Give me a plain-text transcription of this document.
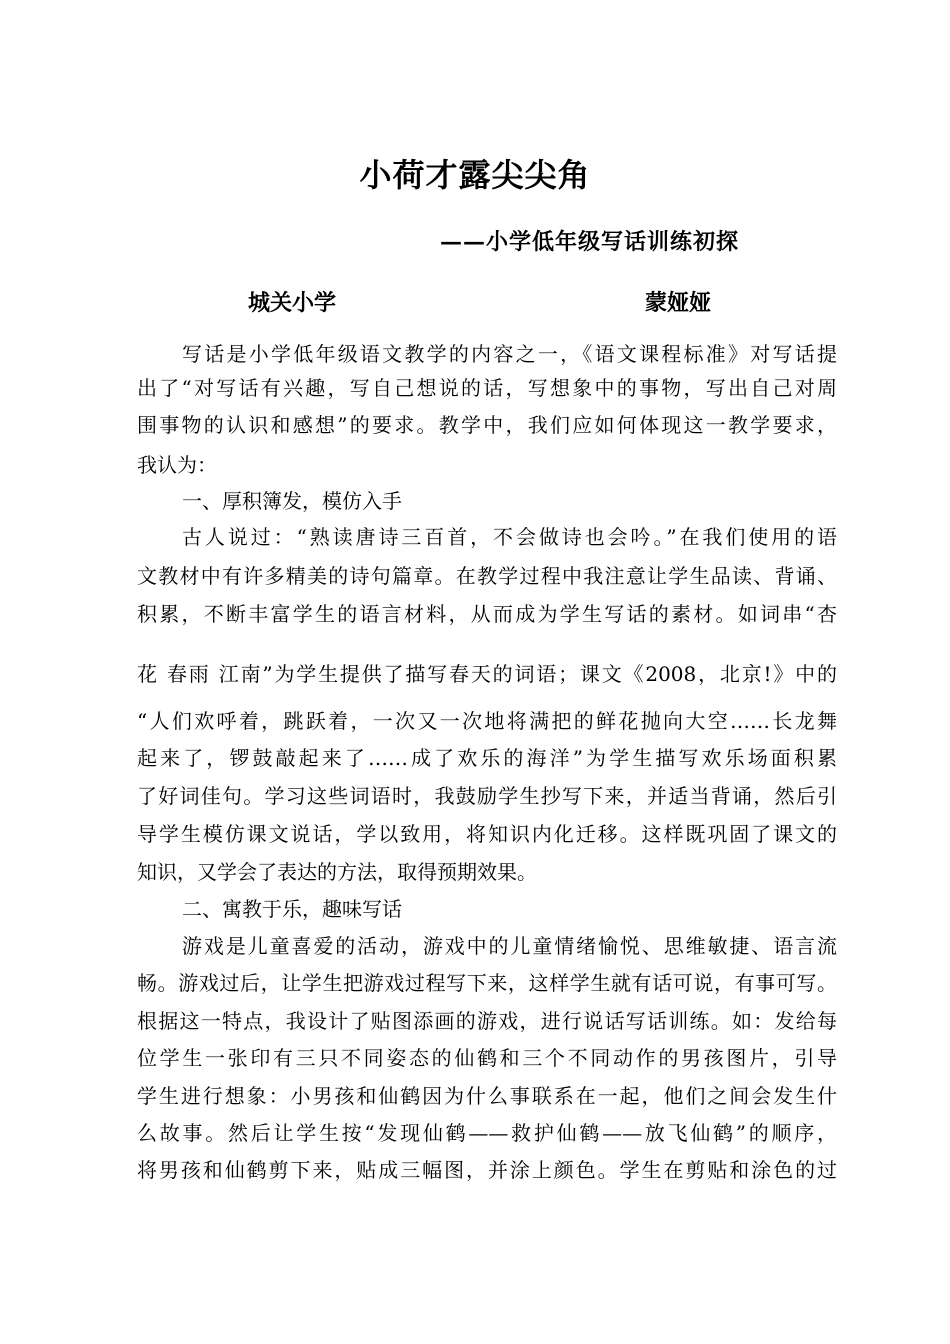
小荷才露尖尖角
——小学低年级写话训练初探
城关小学	蒙娅娅
写话是小学低年级语文教学的内容之一，《语文课程标准》对写话提
出了“对写话有兴趣，写自己想说的话，写想象中的事物，写出自己对周
围事物的认识和感想”的要求。教学中，我们应如何体现这一教学要求，
我认为：
一、厚积簿发，模仿入手
古人说过：“熟读唐诗三百首，不会做诗也会吟。”在我们使用的语
文教材中有许多精美的诗句篇章。在教学过程中我注意让学生品读、背诵、
积累，不断丰富学生的语言材料，从而成为学生写话的素材。如词串“杏
花 春雨 江南”为学生提供了描写春天的词语；课文《2008，北京!》中的
“人们欢呼着，跳跃着，一次又一次地将满把的鲜花抛向大空……长龙舞
起来了，锣鼓敲起来了……成了欢乐的海洋”为学生描写欢乐场面积累
了好词佳句。学习这些词语时，我鼓励学生抄写下来，并适当背诵，然后引
导学生模仿课文说话，学以致用，将知识内化迁移。这样既巩固了课文的
知识，又学会了表达的方法，取得预期效果。
二、寓教于乐，趣味写话
游戏是儿童喜爱的活动，游戏中的儿童情绪愉悦、思维敏捷、语言流
畅。游戏过后，让学生把游戏过程写下来，这样学生就有话可说，有事可写。
根据这一特点，我设计了贴图添画的游戏，进行说话写话训练。如：发给每
位学生一张印有三只不同姿态的仙鹤和三个不同动作的男孩图片，引导
学生进行想象：小男孩和仙鹤因为什么事联系在一起，他们之间会发生什
么故事。然后让学生按“发现仙鹤——救护仙鹤——放飞仙鹤”的顺序，
将男孩和仙鹤剪下来，贴成三幅图，并涂上颜色。学生在剪贴和涂色的过
